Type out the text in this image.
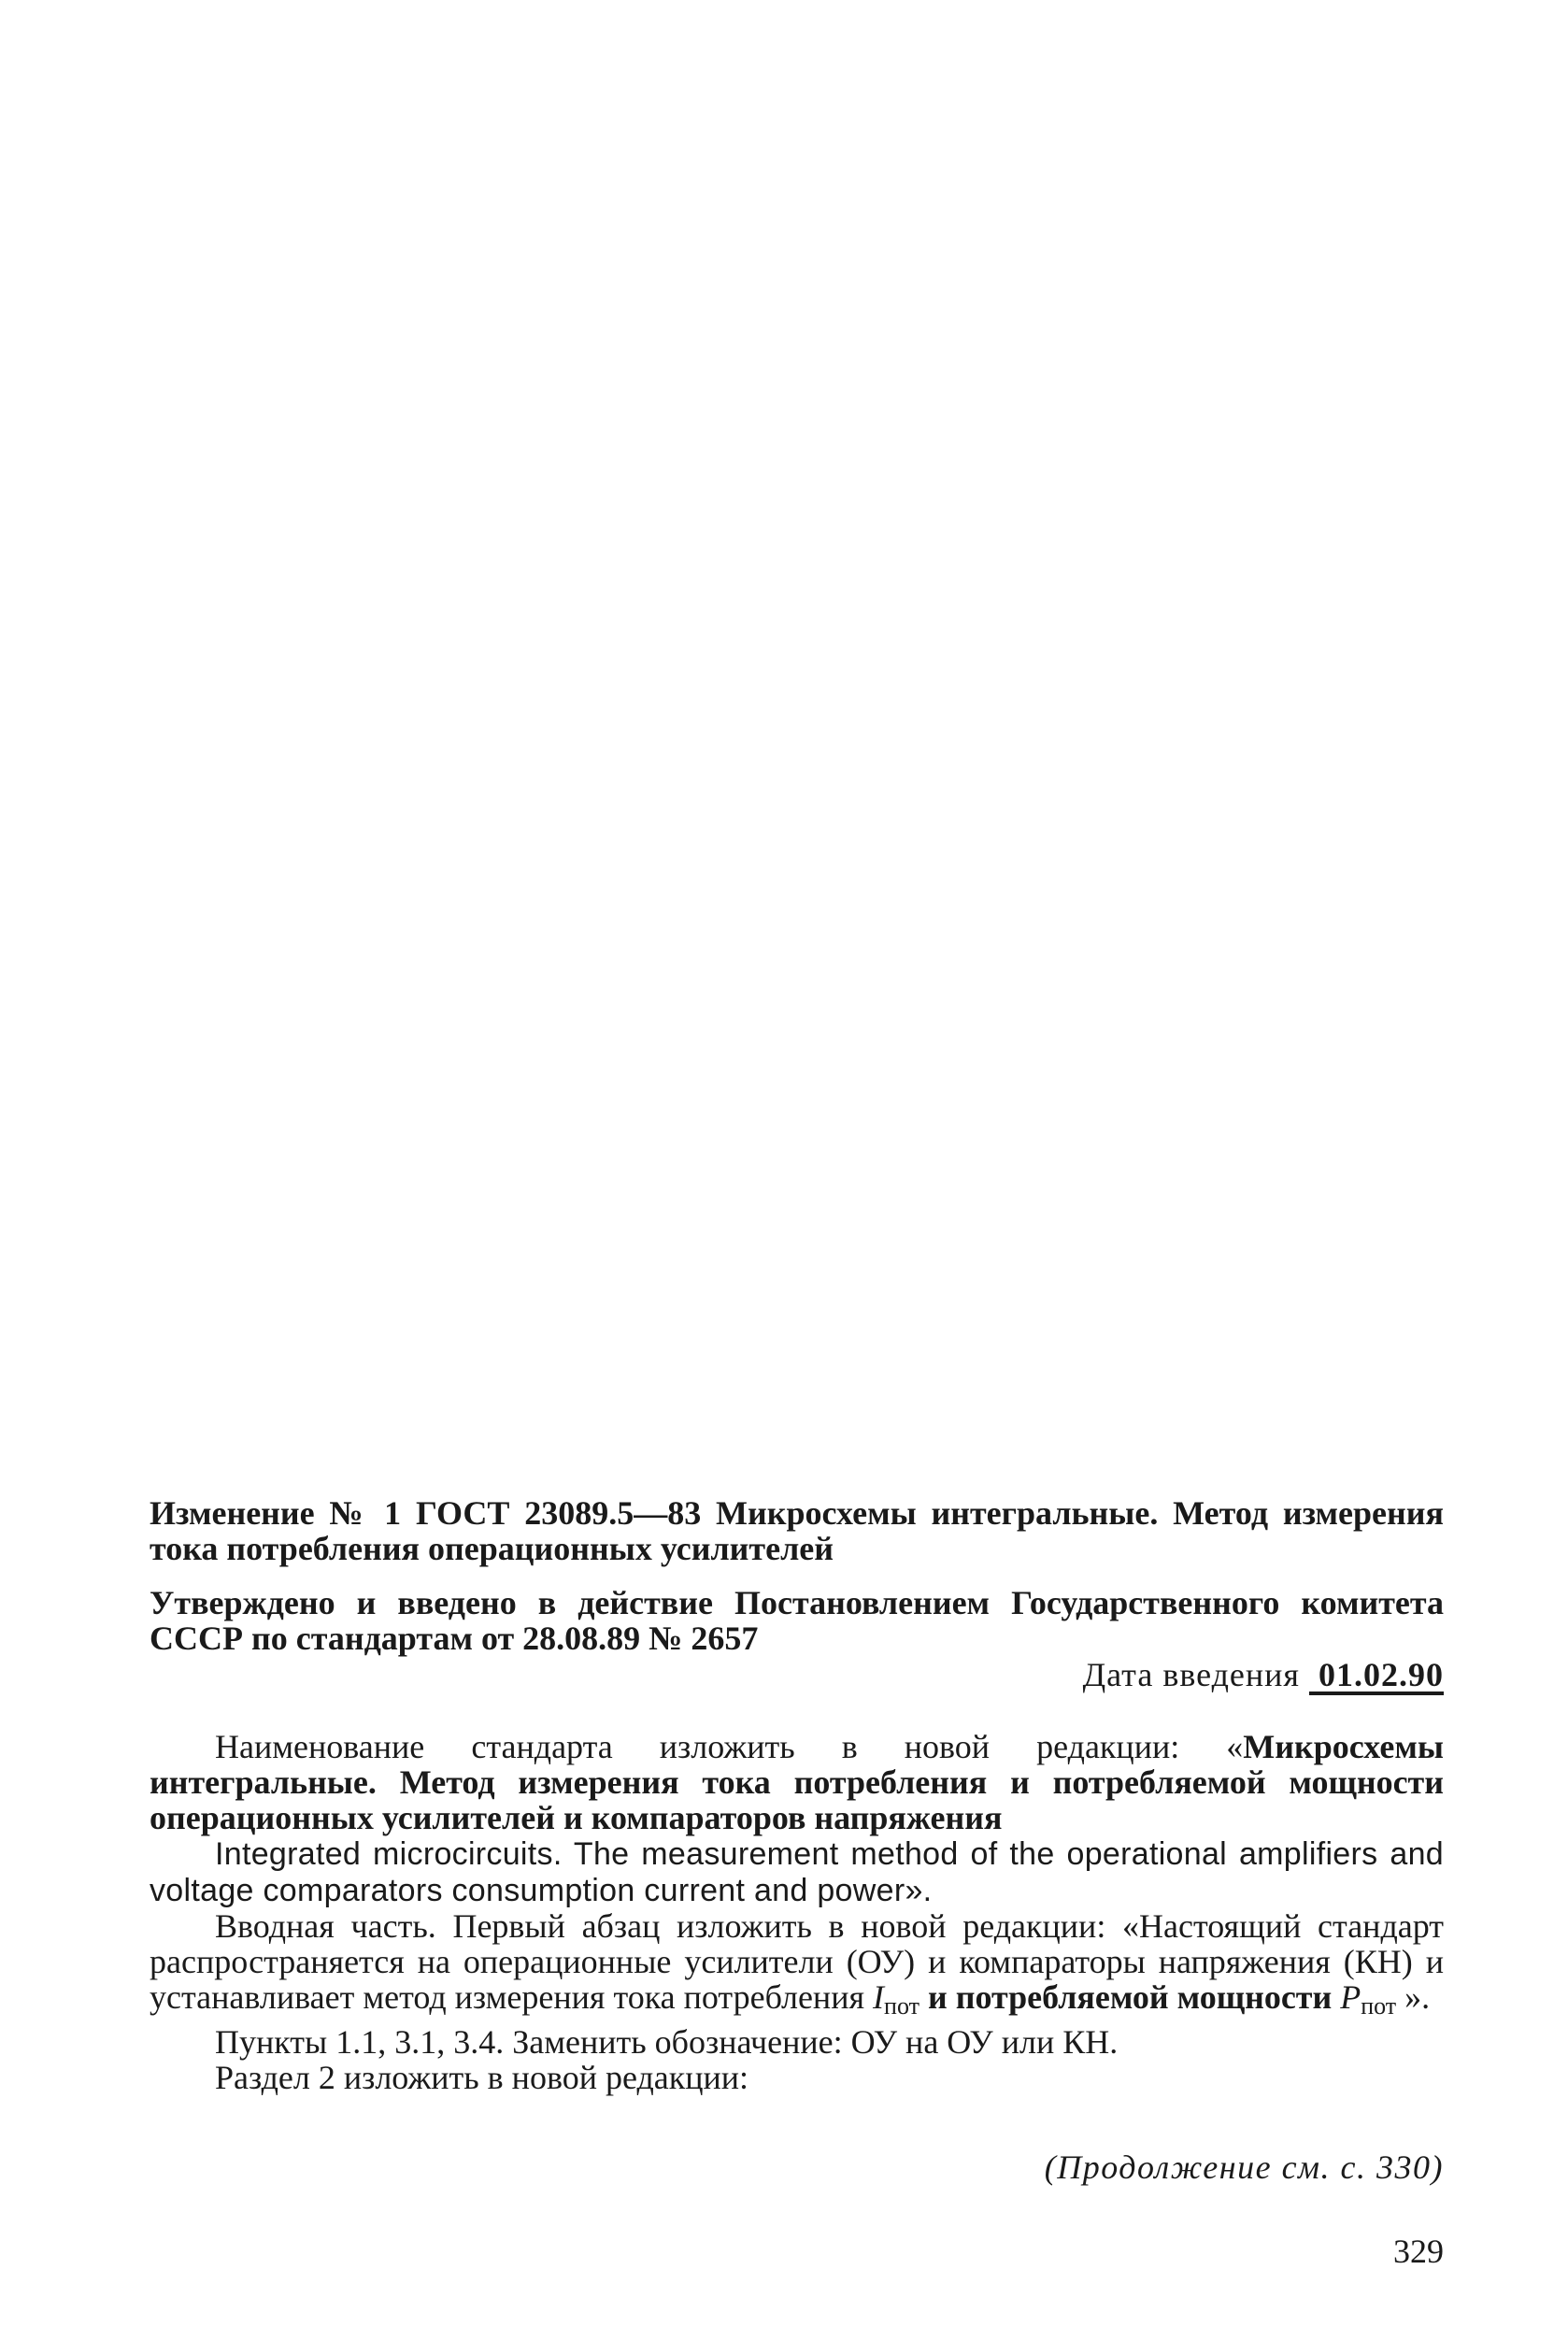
Изменение № 1 ГОСТ 23089.5—83 Микросхемы интегральные. Метод измерения тока потребления операционных усилителей
Утверждено и введено в действие Постановлением Государственного комитета СССР по стандартам от 28.08.89 № 2657
Дата введения 01.02.90

Наименование стандарта изложить в новой редакции: «Микросхемы интегральные. Метод измерения тока потребления и потребляемой мощности операционных усилителей и компараторов напряжения

Integrated microcircuits. The measurement method of the operational amplifiers and voltage comparators consumption current and power».

Вводная часть. Первый абзац изложить в новой редакции: «Настоящий стандарт распространяется на операционные усилители (ОУ) и компараторы напряжения (КН) и устанавливает метод измерения тока потребления $I_{пот}$ и потребляемой мощности $P_{пот}$ ».

Пункты 1.1, 3.1, 3.4. Заменить обозначение: ОУ на ОУ или КН.

Раздел 2 изложить в новой редакции:

(Продолжение см. с. 330)
329
